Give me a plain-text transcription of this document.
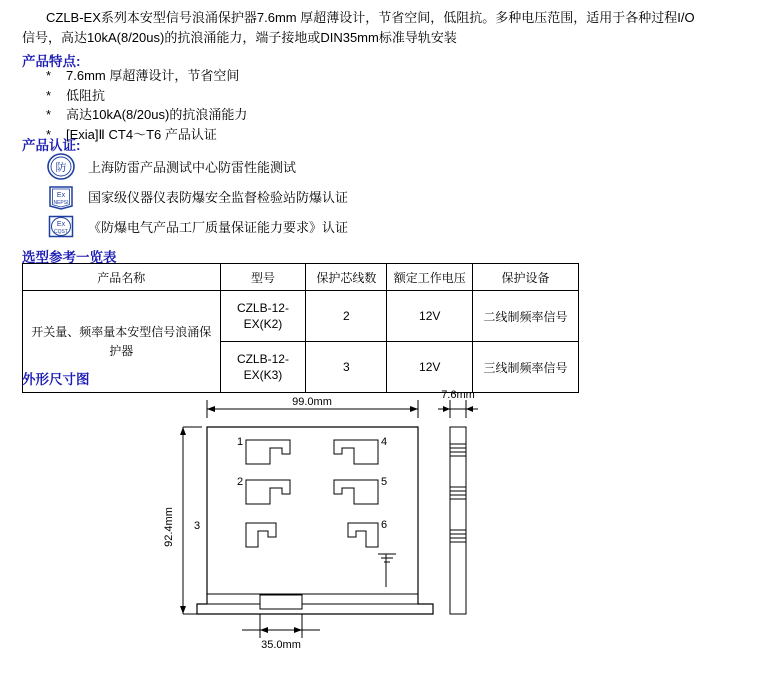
CZLB-EX系列本安型信号浪涌保护器7.6mm 厚超薄设计，节省空间，低阻抗。多种电压范围，适用于各种过程I/O
信号，高达10kA(8/20us)的抗浪涌能力，端子接地或DIN35mm标准导轨安装
产品特点:
* 7.6mm 厚超薄设计，节省空间
* 低阻抗
* 高达10kA(8/20us)的抗浪涌能力
* [Exia]Ⅱ CT4～T6 产品认证
产品认证:
防 上海防雷产品测试中心防雷性能测试
Ex
NEPSI 国家级仪器仪表防爆安全监督检验站防爆认证
Ex
CQST 《防爆电气产品工厂质量保证能力要求》认证
选型参考一览表
产品名称	型号	保护芯线数	额定工作电压	保护设备
开关量、频率量本安型信号浪涌保护器	CZLB-12-
EX(K2)	2	12V	二线制频率信号
	CZLB-12-
EX(K3)	3	12V	三线制频率信号
外形尺寸图
99.0mm
7.6mm
92.4mm
35.0mm
1
2
3
4
5
6
